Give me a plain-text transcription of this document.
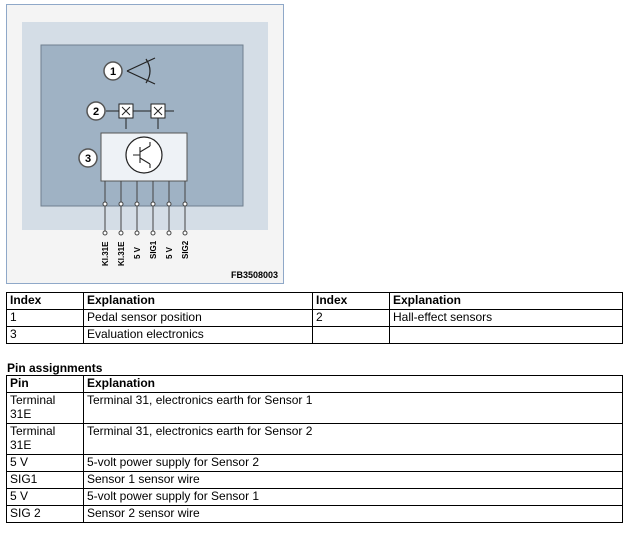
1
2
3
Kl.31E Kl.31E 5 V SIG1 5 V SIG2
FB3508003
Index	Explanation	Index	Explanation
1	Pedal sensor position	2	Hall-effect sensors
3	Evaluation electronics		
Pin assignments
Pin	Explanation
Terminal 31E	Terminal 31, electronics earth for Sensor 1
Terminal 31E	Terminal 31, electronics earth for Sensor 2
5 V	5-volt power supply for Sensor 2
SIG1	Sensor 1 sensor wire
5 V	5-volt power supply for Sensor 1
SIG 2	Sensor 2 sensor wire
